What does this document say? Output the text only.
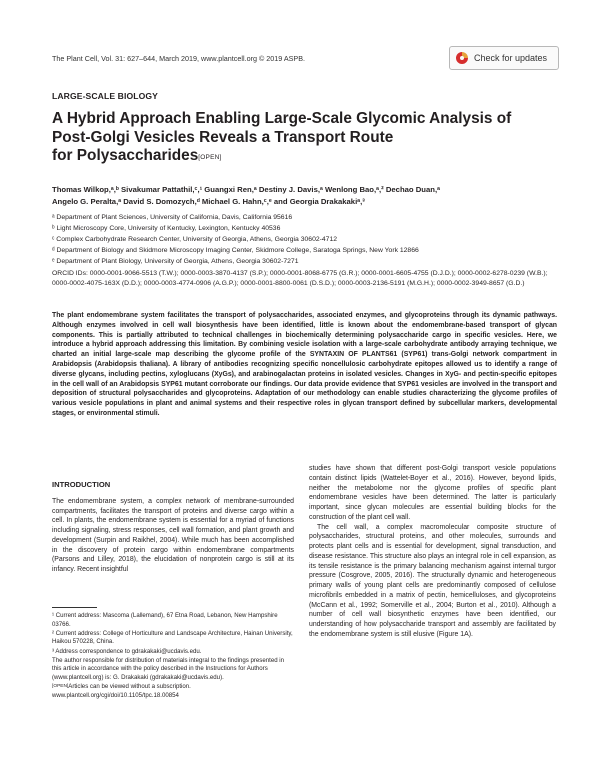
The Plant Cell, Vol. 31: 627–644, March 2019, www.plantcell.org © 2019 ASPB.	Check for updates
LARGE-SCALE BIOLOGY
A Hybrid Approach Enabling Large-Scale Glycomic Analysis of
Post-Golgi Vesicles Reveals a Transport Route
for Polysaccharides[OPEN]
Thomas Wilkop,ᵃ,ᵇ Sivakumar Pattathil,ᶜ,¹ Guangxi Ren,ᵃ Destiny J. Davis,ᵃ Wenlong Bao,ᵃ,² Dechao Duan,ᵃ
Angelo G. Peralta,ᵃ David S. Domozych,ᵈ Michael G. Hahn,ᶜ,ᵉ and Georgia Drakakakiᵃ,³
ᵃ Department of Plant Sciences, University of California, Davis, California 95616
ᵇ Light Microscopy Core, University of Kentucky, Lexington, Kentucky 40536
ᶜ Complex Carbohydrate Research Center, University of Georgia, Athens, Georgia 30602-4712
ᵈ Department of Biology and Skidmore Microscopy Imaging Center, Skidmore College, Saratoga Springs, New York 12866
ᵉ Department of Plant Biology, University of Georgia, Athens, Georgia 30602-7271
ORCID IDs: 0000-0001-9066-5513 (T.W.); 0000-0003-3870-4137 (S.P.); 0000-0001-8068-6775 (G.R.); 0000-0001-6605-4755 (D.J.D.); 0000-0002-6278-0239 (W.B.); 0000-0002-4075-163X (D.D.); 0000-0003-4774-0906 (A.G.P.); 0000-0001-8800-0061 (D.S.D.); 0000-0003-2136-5191 (M.G.H.); 0000-0002-3949-8657 (G.D.)
The plant endomembrane system facilitates the transport of polysaccharides, associated enzymes, and glycoproteins through its dynamic pathways. Although enzymes involved in cell wall biosynthesis have been identified, little is known about the endomembrane-based transport of glycan components. This is partially attributed to technical challenges in biochemically determining polysaccharide cargo in specific vesicles. Here, we introduce a hybrid approach addressing this limitation. By combining vesicle isolation with a large-scale carbohydrate antibody arraying technique, we charted an initial large-scale map describing the glycome profile of the SYNTAXIN OF PLANTS61 (SYP61) trans-Golgi network compartment in Arabidopsis (Arabidopsis thaliana). A library of antibodies recognizing specific noncellulosic carbohydrate epitopes allowed us to identify a range of diverse glycans, including pectins, xyloglucans (XyGs), and arabinogalactan proteins in isolated vesicles. Changes in XyG- and pectin-specific epitopes in the cell wall of an Arabidopsis SYP61 mutant corroborate our findings. Our data provide evidence that SYP61 vesicles are involved in the transport and deposition of structural polysaccharides and glycoproteins. Adaptation of our methodology can enable studies characterizing the glycome profiles of various vesicle populations in plant and animal systems and their respective roles in glycan transport defined by subcellular markers, developmental stages, or environmental stimuli.
INTRODUCTION
The endomembrane system, a complex network of membrane-surrounded compartments, facilitates the transport of proteins and diverse cargo within a cell. In plants, the endomembrane system is essential for a myriad of functions including signaling, stress responses, cell wall formation, and plant growth and development (Surpin and Raikhel, 2004). While much has been accomplished in the discovery of protein cargo within endomembrane compartments (Parsons and Lilley, 2018), the elucidation of nonprotein cargo is still at its infancy. Recent insightful
studies have shown that different post-Golgi transport vesicle populations contain distinct lipids (Wattelet-Boyer et al., 2016). However, beyond lipids, neither the metabolome nor the glycome profiles of specific plant endomembrane vesicles have been determined. The latter is particularly important, since glycan molecules are essential building blocks for the construction of the plant cell wall.
The cell wall, a complex macromolecular composite structure of polysaccharides, structural proteins, and other molecules, surrounds and protects plant cells and is essential for development, signal transduction, and disease resistance. This structure also plays an integral role in cell expansion, as its tensile resistance is the primary balancing mechanism against internal turgor pressure (Cosgrove, 2005, 2016). The structurally dynamic and heterogeneous primary walls of young plant cells are predominantly composed of cellulose microfibrils embedded in a matrix of pectin, hemicelluloses, and glycoproteins (McCann et al., 1992; Somerville et al., 2004; Burton et al., 2010). Although a number of cell wall biosynthetic enzymes have been identified, our understanding of how polysaccharide transport and assembly are facilitated by the endomembrane system is still elusive (Figure 1A).
¹ Current address: Mascoma (Lallemand), 67 Etna Road, Lebanon, New Hampshire 03766.
² Current address: College of Horticulture and Landscape Architecture, Hainan University, Haikou 570228, China.
³ Address correspondence to gdrakakaki@ucdavis.edu.
The author responsible for distribution of materials integral to the findings presented in this article in accordance with the policy described in the Instructions for Authors (www.plantcell.org) is: G. Drakakaki (gdrakakaki@ucdavis.edu).
[OPEN]Articles can be viewed without a subscription.
www.plantcell.org/cgi/doi/10.1105/tpc.18.00854
